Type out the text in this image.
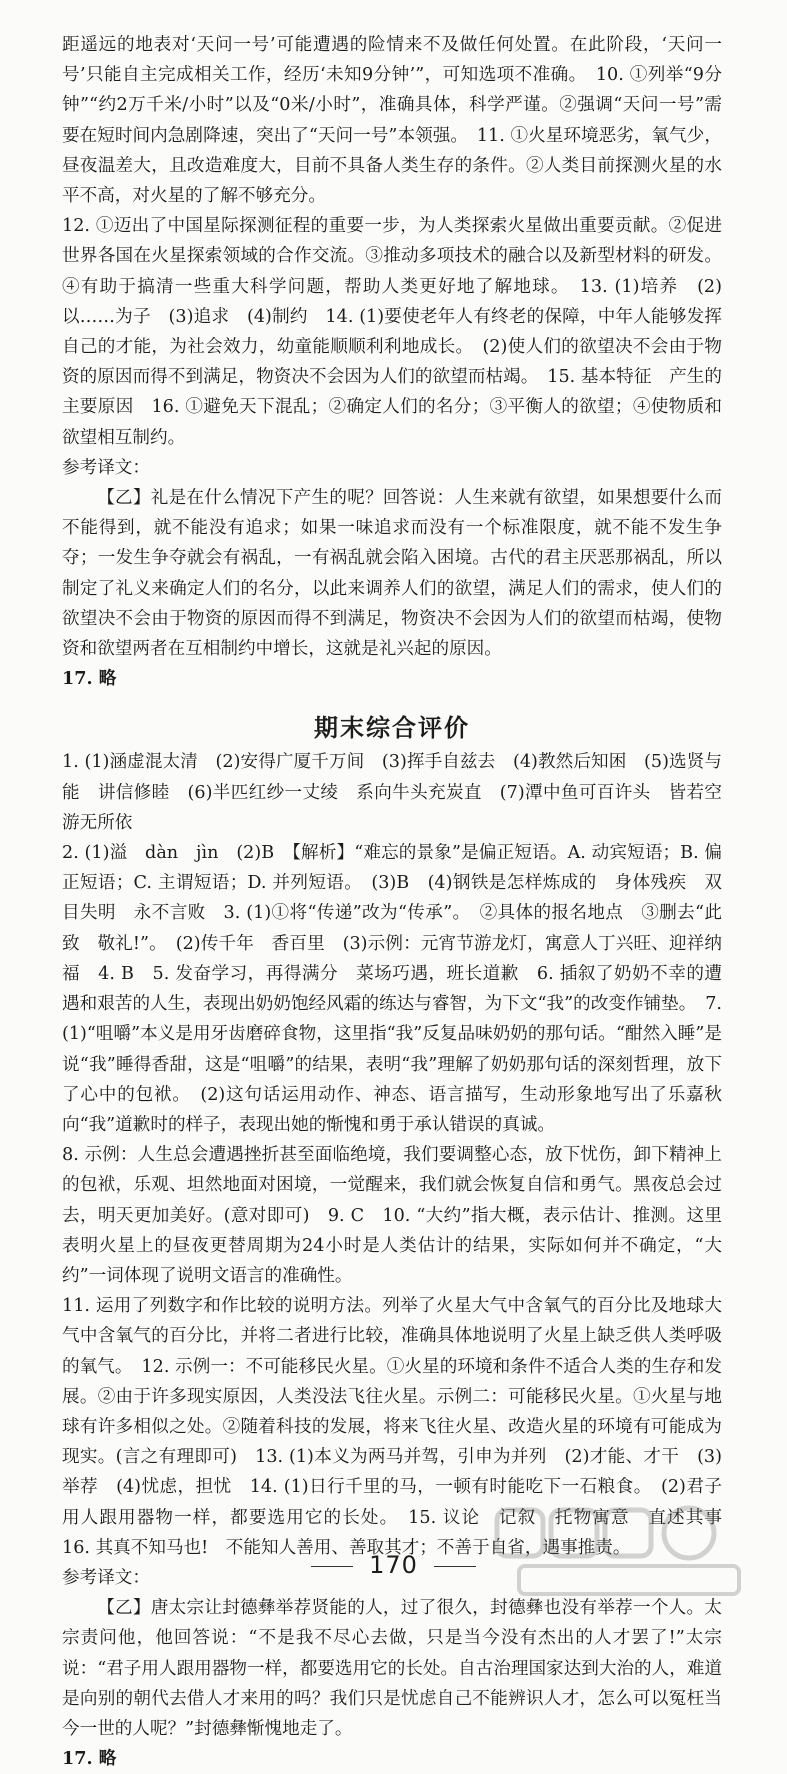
距遥远的地表对‘天问一号’可能遭遇的险情来不及做任何处置。在此阶段，‘天问一号’只能自主完成相关工作，经历‘未知9分钟’”，可知选项不准确。　10. ①列举“9分钟”“约2万千米/小时”以及“0米/小时”，准确具体，科学严谨。②强调“天问一号”需要在短时间内急剧降速，突出了“天问一号”本领强。　11. ①火星环境恶劣，氧气少，昼夜温差大，且改造难度大，目前不具备人类生存的条件。②人类目前探测火星的水平不高，对火星的了解不够充分。

12. ①迈出了中国星际探测征程的重要一步，为人类探索火星做出重要贡献。②促进世界各国在火星探索领域的合作交流。③推动多项技术的融合以及新型材料的研发。④有助于搞清一些重大科学问题，帮助人类更好地了解地球。　13. (1)培养　(2)以……为子　(3)追求　(4)制约　14. (1)要使老年人有终老的保障，中年人能够发挥自己的才能，为社会效力，幼童能顺顺利利地成长。　(2)使人们的欲望决不会由于物资的原因而得不到满足，物资决不会因为人们的欲望而枯竭。　15. 基本特征　产生的主要原因　16. ①避免天下混乱；②确定人们的名分；③平衡人的欲望；④使物质和欲望相互制约。

参考译文：

【乙】礼是在什么情况下产生的呢？回答说：人生来就有欲望，如果想要什么而不能得到，就不能没有追求；如果一味追求而没有一个标准限度，就不能不发生争夺；一发生争夺就会有祸乱，一有祸乱就会陷入困境。古代的君主厌恶那祸乱，所以制定了礼义来确定人们的名分，以此来调养人们的欲望，满足人们的需求，使人们的欲望决不会由于物资的原因而得不到满足，物资决不会因为人们的欲望而枯竭，使物资和欲望两者在互相制约中增长，这就是礼兴起的原因。

17. 略

期末综合评价

1. (1)涵虚混太清　(2)安得广厦千万间　(3)挥手自兹去　(4)教然后知困　(5)选贤与能　讲信修睦　(6)半匹红纱一丈绫　系向牛头充炭直　(7)潭中鱼可百许头　皆若空游无所依

2. (1)溢　dàn　jìn　(2)B　【解析】“难忘的景象”是偏正短语。A. 动宾短语；B. 偏正短语；C. 主谓短语；D. 并列短语。　(3)B　(4)钢铁是怎样炼成的　身体残疾　双目失明　永不言败　3. (1)①将“传递”改为“传承”。　②具体的报名地点　③删去“此致　敬礼!”。　(2)传千年　香百里　(3)示例：元宵节游龙灯，寓意人丁兴旺、迎祥纳福　4. B　5. 发奋学习，再得满分　菜场巧遇，班长道歉　6. 插叙了奶奶不幸的遭遇和艰苦的人生，表现出奶奶饱经风霜的练达与睿智，为下文“我”的改变作铺垫。　7. (1)“咀嚼”本义是用牙齿磨碎食物，这里指“我”反复品味奶奶的那句话。“酣然入睡”是说“我”睡得香甜，这是“咀嚼”的结果，表明“我”理解了奶奶那句话的深刻哲理，放下了心中的包袱。　(2)这句话运用动作、神态、语言描写，生动形象地写出了乐嘉秋向“我”道歉时的样子，表现出她的惭愧和勇于承认错误的真诚。

8. 示例：人生总会遭遇挫折甚至面临绝境，我们要调整心态，放下忧伤，卸下精神上的包袱，乐观、坦然地面对困境，一觉醒来，我们就会恢复自信和勇气。黑夜总会过去，明天更加美好。(意对即可)　9. C　10. “大约”指大概，表示估计、推测。这里表明火星上的昼夜更替周期为24小时是人类估计的结果，实际如何并不确定，“大约”一词体现了说明文语言的准确性。

11. 运用了列数字和作比较的说明方法。列举了火星大气中含氧气的百分比及地球大气中含氧气的百分比，并将二者进行比较，准确具体地说明了火星上缺乏供人类呼吸的氧气。　12. 示例一：不可能移民火星。①火星的环境和条件不适合人类的生存和发展。②由于许多现实原因，人类没法飞往火星。示例二：可能移民火星。①火星与地球有许多相似之处。②随着科技的发展，将来飞往火星、改造火星的环境有可能成为现实。(言之有理即可)　13. (1)本义为两马并驾，引申为并列　(2)才能、才干　(3)举荐　(4)忧虑，担忧　14. (1)日行千里的马，一顿有时能吃下一石粮食。　(2)君子用人跟用器物一样，都要选用它的长处。　15. 议论　记叙　托物寓意　直述其事　16. 其真不知马也!　不能知人善用、善取其才；不善于自省，遇事推责。

参考译文：

【乙】唐太宗让封德彝举荐贤能的人，过了很久，封德彝也没有举荐一个人。太宗责问他，他回答说：“不是我不尽心去做，只是当今没有杰出的人才罢了!”太宗说：“君子用人跟用器物一样，都要选用它的长处。自古治理国家达到大治的人，难道是向别的朝代去借人才来用的吗？我们只是忧虑自己不能辨识人才，怎么可以冤枉当今一世的人呢？”封德彝惭愧地走了。

17. 略

170
